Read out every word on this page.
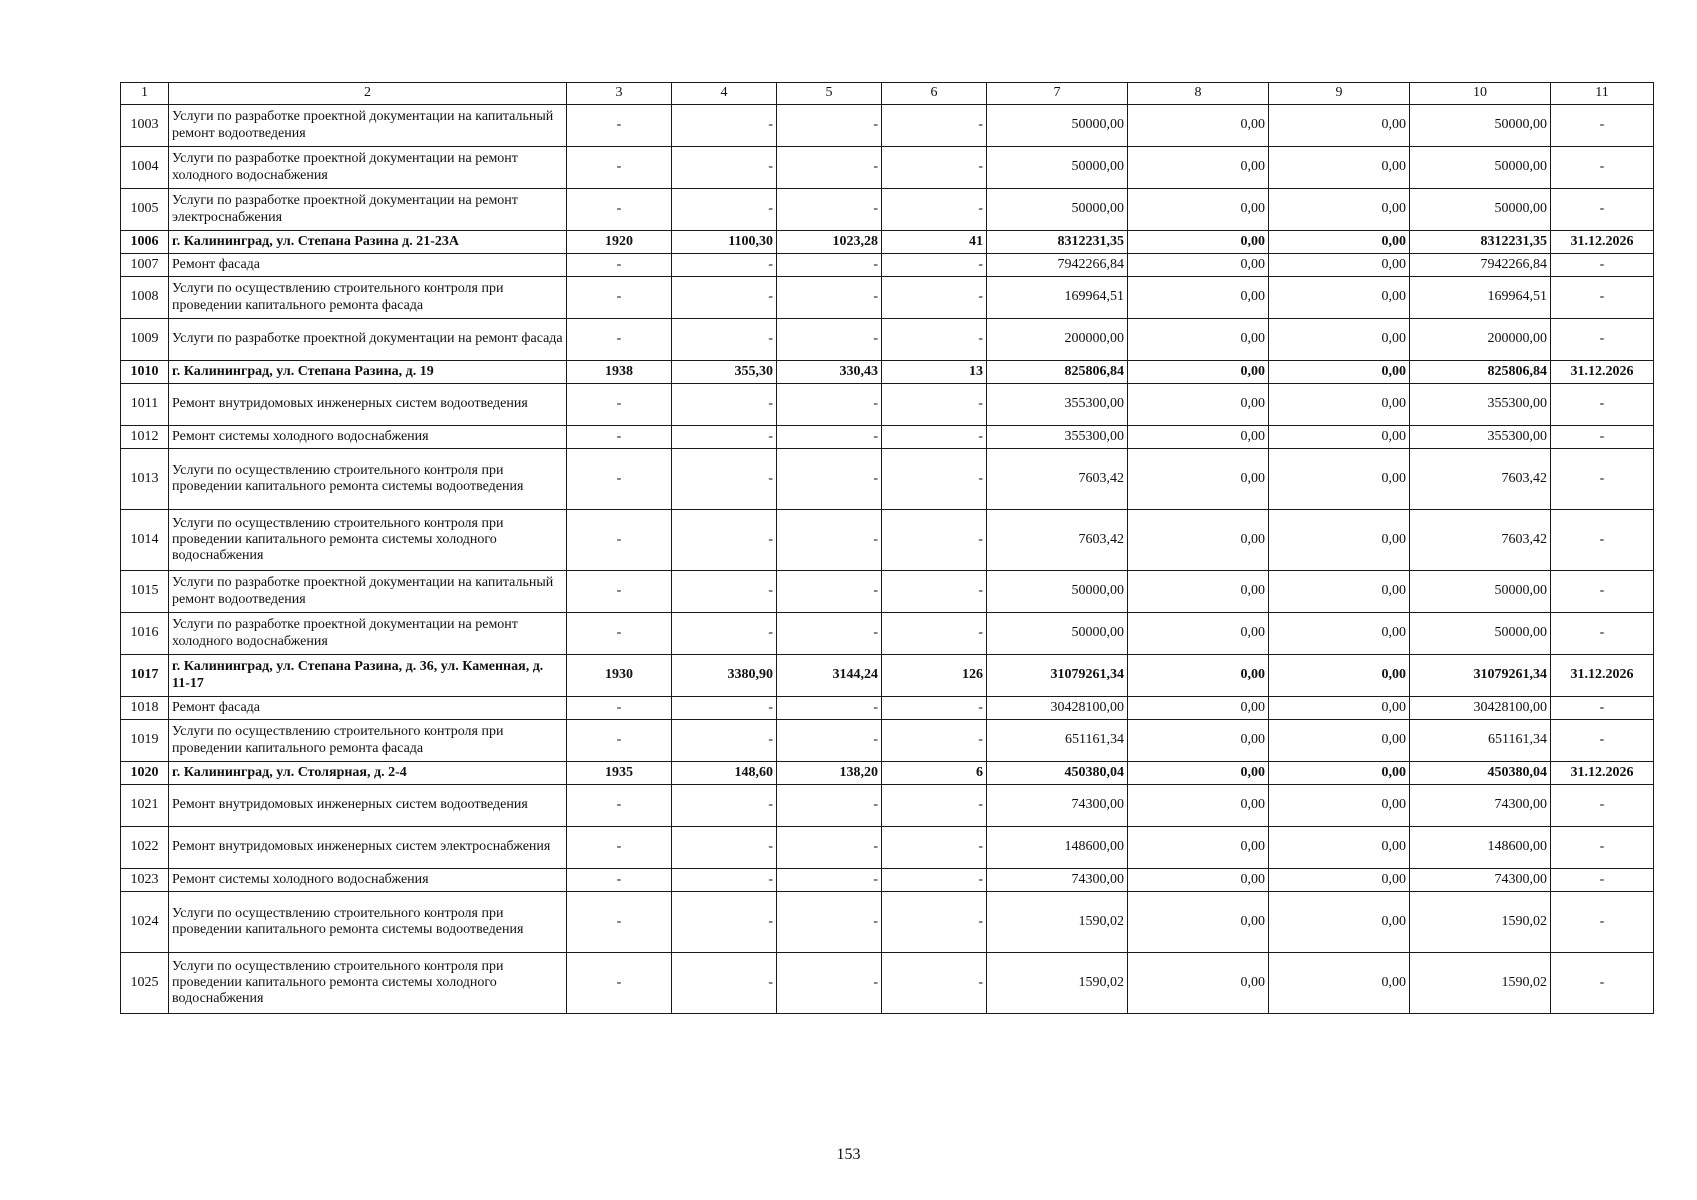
1	2	3	4	5	6	7	8	9	10	11
1003	Услуги по разработке проектной документации на капитальный ремонт водоотведения	-	-	-	-	50000,00	0,00	0,00	50000,00	-
1004	Услуги по разработке проектной документации на ремонт холодного водоснабжения	-	-	-	-	50000,00	0,00	0,00	50000,00	-
1005	Услуги по разработке проектной документации на ремонт электроснабжения	-	-	-	-	50000,00	0,00	0,00	50000,00	-
1006	г. Калининград, ул. Степана Разина д. 21-23А	1920	1100,30	1023,28	41	8312231,35	0,00	0,00	8312231,35	31.12.2026
1007	Ремонт фасада	-	-	-	-	7942266,84	0,00	0,00	7942266,84	-
1008	Услуги по осуществлению строительного контроля при проведении капитального ремонта фасада	-	-	-	-	169964,51	0,00	0,00	169964,51	-
1009	Услуги по разработке проектной документации на ремонт фасада	-	-	-	-	200000,00	0,00	0,00	200000,00	-
1010	г. Калининград, ул. Степана Разина, д. 19	1938	355,30	330,43	13	825806,84	0,00	0,00	825806,84	31.12.2026
1011	Ремонт внутридомовых инженерных систем водоотведения	-	-	-	-	355300,00	0,00	0,00	355300,00	-
1012	Ремонт системы холодного водоснабжения	-	-	-	-	355300,00	0,00	0,00	355300,00	-
1013	Услуги по осуществлению строительного контроля при проведении капитального ремонта системы водоотведения	-	-	-	-	7603,42	0,00	0,00	7603,42	-
1014	Услуги по осуществлению строительного контроля при проведении капитального ремонта системы холодного водоснабжения	-	-	-	-	7603,42	0,00	0,00	7603,42	-
1015	Услуги по разработке проектной документации на капитальный ремонт водоотведения	-	-	-	-	50000,00	0,00	0,00	50000,00	-
1016	Услуги по разработке проектной документации на ремонт холодного водоснабжения	-	-	-	-	50000,00	0,00	0,00	50000,00	-
1017	г. Калининград, ул. Степана Разина, д. 36, ул. Каменная, д. 11-17	1930	3380,90	3144,24	126	31079261,34	0,00	0,00	31079261,34	31.12.2026
1018	Ремонт фасада	-	-	-	-	30428100,00	0,00	0,00	30428100,00	-
1019	Услуги по осуществлению строительного контроля при проведении капитального ремонта фасада	-	-	-	-	651161,34	0,00	0,00	651161,34	-
1020	г. Калининград, ул. Столярная, д. 2-4	1935	148,60	138,20	6	450380,04	0,00	0,00	450380,04	31.12.2026
1021	Ремонт внутридомовых инженерных систем водоотведения	-	-	-	-	74300,00	0,00	0,00	74300,00	-
1022	Ремонт внутридомовых инженерных систем электроснабжения	-	-	-	-	148600,00	0,00	0,00	148600,00	-
1023	Ремонт системы холодного водоснабжения	-	-	-	-	74300,00	0,00	0,00	74300,00	-
1024	Услуги по осуществлению строительного контроля при проведении капитального ремонта системы водоотведения	-	-	-	-	1590,02	0,00	0,00	1590,02	-
1025	Услуги по осуществлению строительного контроля при проведении капитального ремонта системы холодного водоснабжения	-	-	-	-	1590,02	0,00	0,00	1590,02	-
153
